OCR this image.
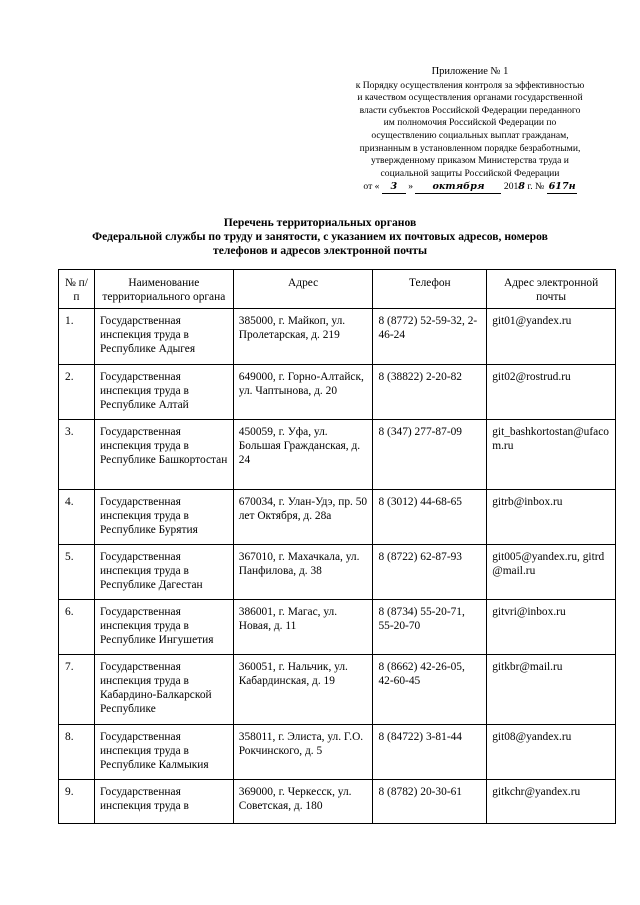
Приложение № 1
к Порядку осуществления контроля за эффективностью
и качеством осуществления органами государственной
власти субъектов Российской Федерации переданного
им полномочия Российской Федерации по
осуществлению социальных выплат гражданам,
признанным в установленном порядке безработными,
утвержденному приказом Министерства труда и
социальной защиты Российской Федерации
от « 3 » октября 2018 г. № 617н
Перечень территориальных органов
Федеральной службы по труду и занятости, с указанием их почтовых адресов, номеров
телефонов и адресов электронной почты
№ п/п	Наименование территориального органа	Адрес	Телефон	Адрес электронной почты
1.	Государственная инспекция труда в Республике Адыгея	385000, г. Майкоп, ул. Пролетарская, д. 219	8 (8772) 52-59-32, 2-46-24	git01@yandex.ru
2.	Государственная инспекция труда в Республике Алтай	649000, г. Горно-Алтайск, ул. Чаптынова, д. 20	8 (38822) 2-20-82	git02@rostrud.ru
3.	Государственная инспекция труда в Республике Башкортостан	450059, г. Уфа, ул. Большая Гражданская, д. 24	8 (347) 277-87-09	git_bashkortostan@ufacom.ru
4.	Государственная инспекция труда в Республике Бурятия	670034, г. Улан-Удэ, пр. 50 лет Октября, д. 28а	8 (3012) 44-68-65	gitrb@inbox.ru
5.	Государственная инспекция труда в Республике Дагестан	367010, г. Махачкала, ул. Панфилова, д. 38	8 (8722) 62-87-93	git005@yandex.ru, gitrd@mail.ru
6.	Государственная инспекция труда в Республике Ингушетия	386001, г. Магас, ул. Новая, д. 11	8 (8734) 55-20-71, 55-20-70	gitvri@inbox.ru
7.	Государственная инспекция труда в Кабардино-Балкарской Республике	360051, г. Нальчик, ул. Кабардинская, д. 19	8 (8662) 42-26-05, 42-60-45	gitkbr@mail.ru
8.	Государственная инспекция труда в Республике Калмыкия	358011, г. Элиста, ул. Г.О. Рокчинского, д. 5	8 (84722) 3-81-44	git08@yandex.ru
9.	Государственная инспекция труда в	369000, г. Черкесск, ул. Советская, д. 180	8 (8782) 20-30-61	gitkchr@yandex.ru
